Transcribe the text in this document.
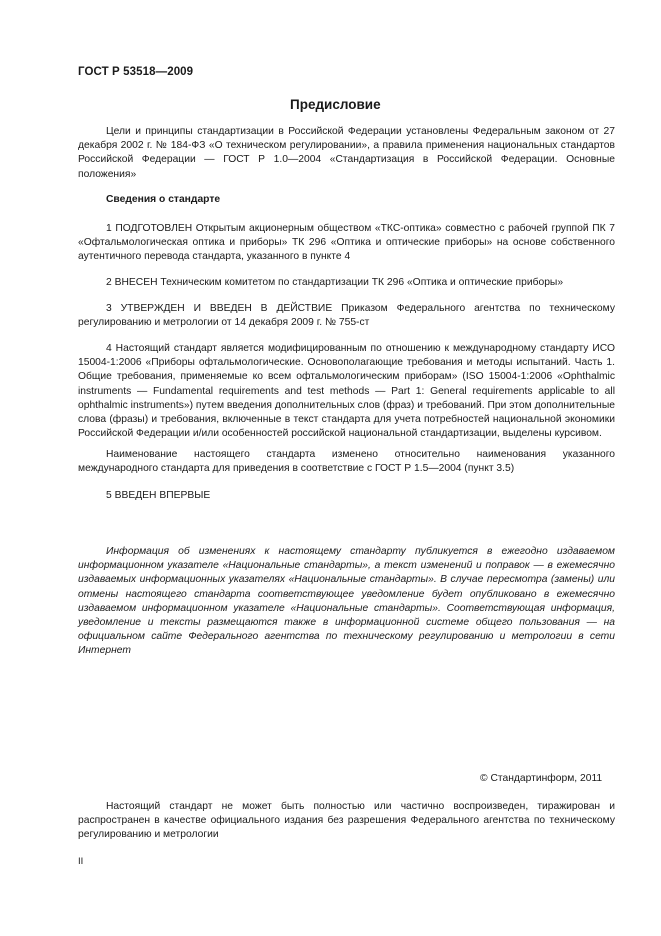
ГОСТ Р 53518—2009
Предисловие

Цели и принципы стандартизации в Российской Федерации установлены Федеральным законом от 27 декабря 2002 г. № 184-ФЗ «О техническом регулировании», а правила применения национальных стандартов Российской Федерации — ГОСТ Р 1.0—2004 «Стандартизация в Российской Федерации. Основные положения»

Сведения о стандарте

1 ПОДГОТОВЛЕН Открытым акционерным обществом «ТКС-оптика» совместно с рабочей группой ПК 7 «Офтальмологическая оптика и приборы» ТК 296 «Оптика и оптические приборы» на основе собственного аутентичного перевода стандарта, указанного в пункте 4

2 ВНЕСЕН Техническим комитетом по стандартизации ТК 296 «Оптика и оптические приборы»

3 УТВЕРЖДЕН И ВВЕДЕН В ДЕЙСТВИЕ Приказом Федерального агентства по техническому регулированию и метрологии от 14 декабря 2009 г. № 755-ст

4 Настоящий стандарт является модифицированным по отношению к международному стандарту ИСО 15004-1:2006 «Приборы офтальмологические. Основополагающие требования и методы испытаний. Часть 1. Общие требования, применяемые ко всем офтальмологическим приборам» (ISO 15004-1:2006 «Ophthalmic instruments — Fundamental requirements and test methods — Part 1: General requirements applicable to all ophthalmic instruments») путем введения дополнительных слов (фраз) и требований. При этом дополнительные слова (фразы) и требования, включенные в текст стандарта для учета потребностей национальной экономики Российской Федерации и/или особенностей российской национальной стандартизации, выделены курсивом.

Наименование настоящего стандарта изменено относительно наименования указанного международного стандарта для приведения в соответствие с ГОСТ Р 1.5—2004 (пункт 3.5)

5 ВВЕДЕН ВПЕРВЫЕ

Информация об изменениях к настоящему стандарту публикуется в ежегодно издаваемом информационном указателе «Национальные стандарты», а текст изменений и поправок — в ежемесячно издаваемых информационных указателях «Национальные стандарты». В случае пересмотра (замены) или отмены настоящего стандарта соответствующее уведомление будет опубликовано в ежемесячно издаваемом информационном указателе «Национальные стандарты». Соответствующая информация, уведомление и тексты размещаются также в информационной системе общего пользования — на официальном сайте Федерального агентства по техническому регулированию и метрологии в сети Интернет

© Стандартинформ, 2011

Настоящий стандарт не может быть полностью или частично воспроизведен, тиражирован и распространен в качестве официального издания без разрешения Федерального агентства по техническому регулированию и метрологии

II
